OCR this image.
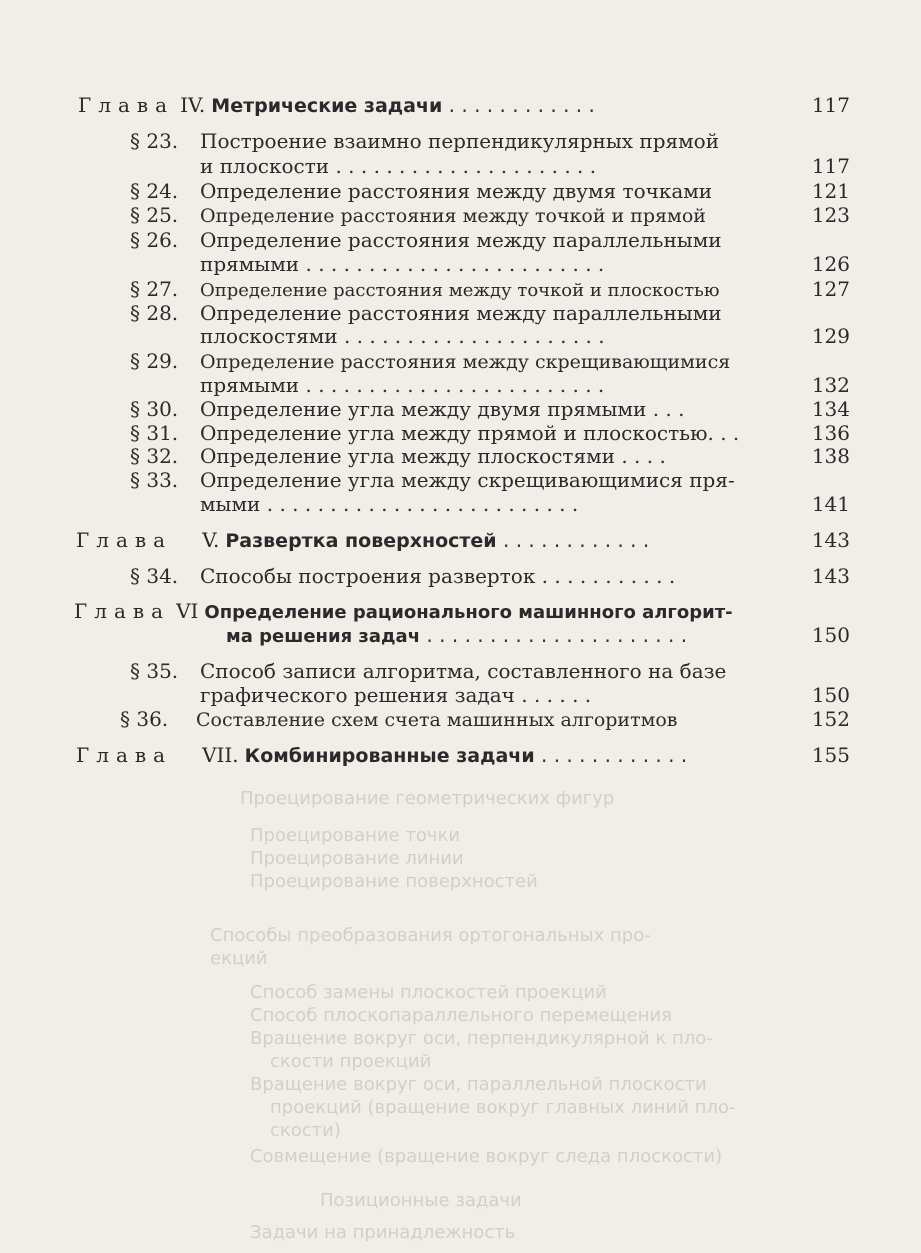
Глава IV. Метрические задачи . . . . . . . . . . . .	117
§ 23. Построение взаимно перпендикулярных прямой
и плоскости . . . . . . . . . . . . . . . . . . . . .	117
§ 24. Определение расстояния между двумя точками	121
§ 25. Определение расстояния между точкой и прямой	123
§ 26. Определение расстояния между параллельными
прямыми . . . . . . . . . . . . . . . . . . . . . . . .	126
§ 27. Определение расстояния между точкой и плоскостью	127
§ 28. Определение расстояния между параллельными
плоскостями . . . . . . . . . . . . . . . . . . . . .	129
§ 29. Определение расстояния между скрещивающимися
прямыми . . . . . . . . . . . . . . . . . . . . . . . .	132
§ 30. Определение угла между двумя прямыми . . .	134
§ 31. Определение угла между прямой и плоскостью. . .	136
§ 32. Определение угла между плоскостями . . . .	138
§ 33. Определение угла между скрещивающимися пря-
мыми . . . . . . . . . . . . . . . . . . . . . . . . .	141
Глава V. Развертка поверхностей . . . . . . . . . . . .	143
§ 34. Способы построения разверток . . . . . . . . . . .	143
Глава VI Определение рационального машинного алгорит-
ма решения задач . . . . . . . . . . . . . . . . . . . . .	150
§ 35. Способ записи алгоритма, составленного на базе
графического решения задач . . . . . .	150
§ 36. Составление схем счета машинных алгоритмов	152
Глава VII. Комбинированные задачи . . . . . . . . . . . .	155
Проецирование геометрических фигур
Проецирование точки
Проецирование линии
Проецирование поверхностей
Способы преобразования ортогональных про-
екций
Способ замены плоскостей проекций
Способ плоскопараллельного перемещения
Вращение вокруг оси, перпендикулярной к пло-
скости проекций
Вращение вокруг оси, параллельной плоскости
проекций (вращение вокруг главных линий пло-
скости)
Совмещение (вращение вокруг следа плоскости)
Позиционные задачи
Задачи на принадлежность
